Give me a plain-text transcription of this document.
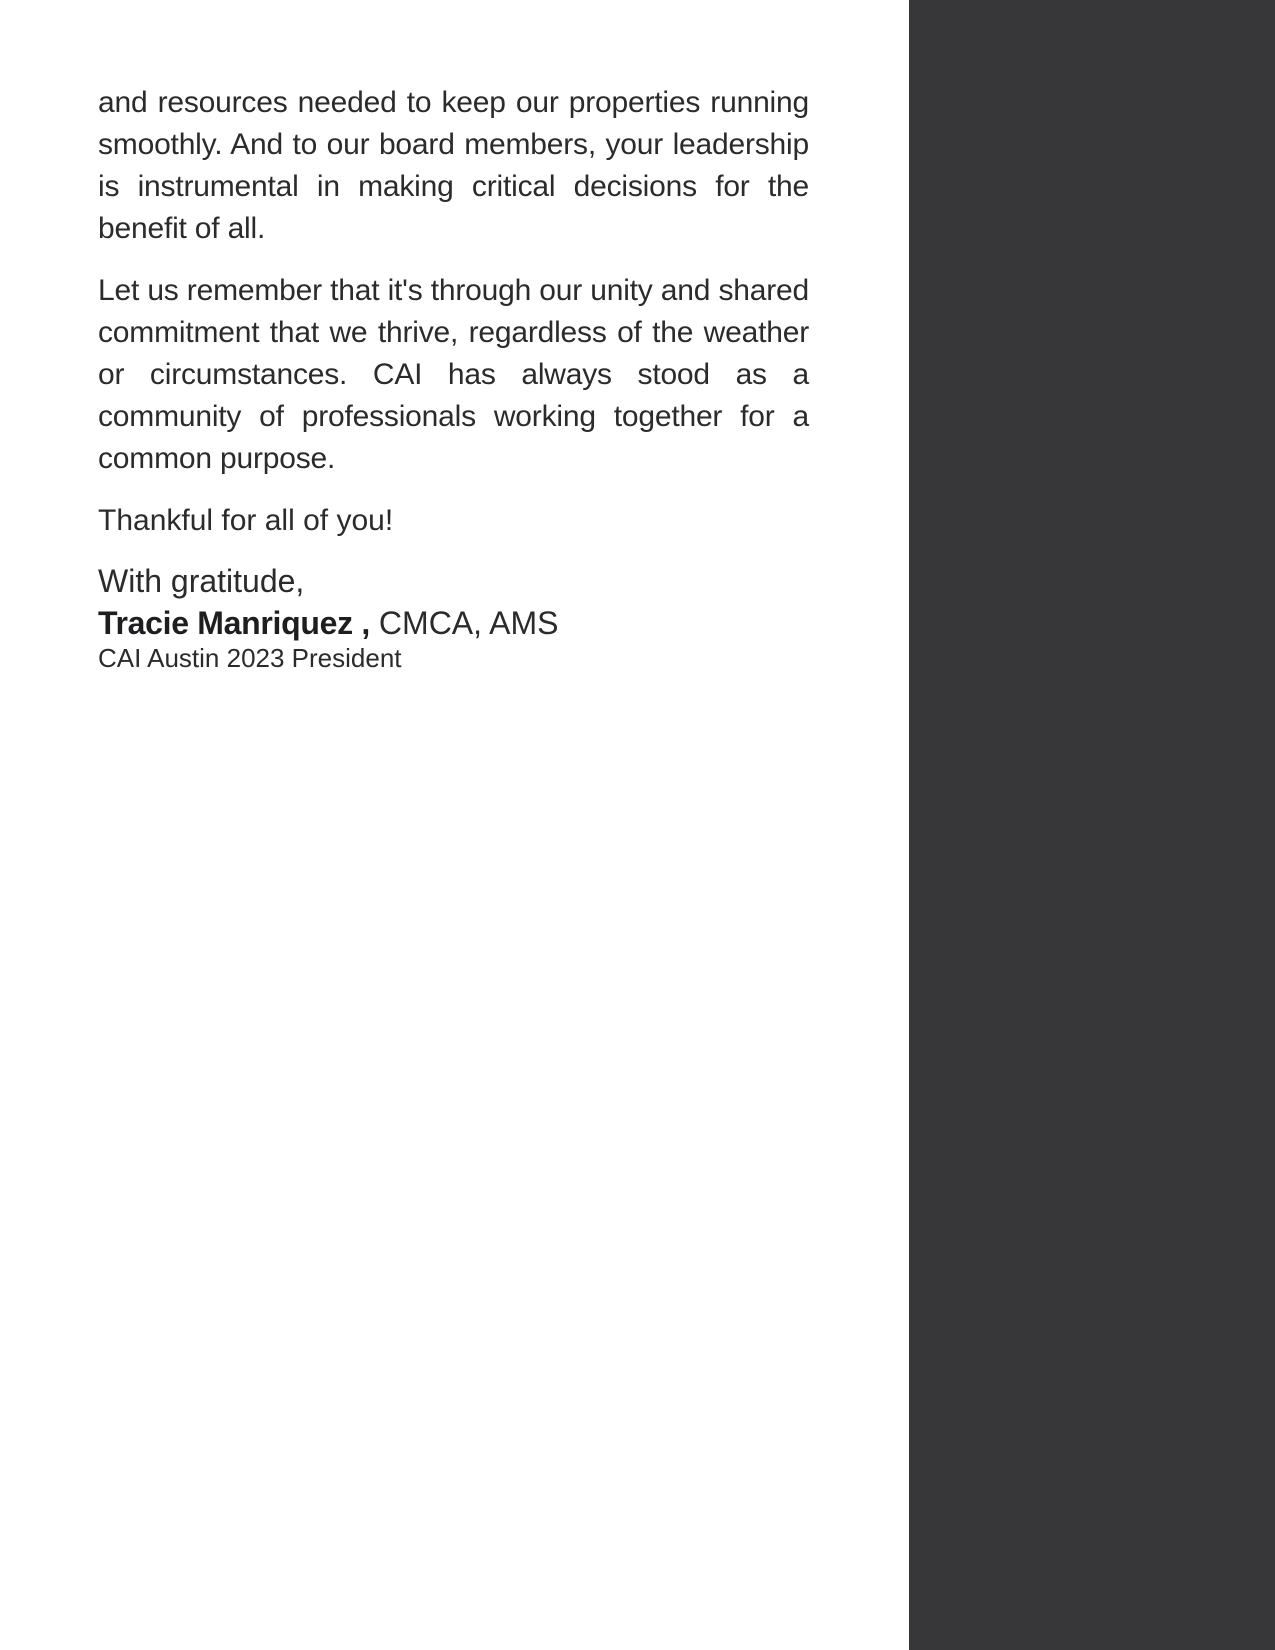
and resources needed to keep our properties running smoothly. And to our board members, your leadership is instrumental in making critical decisions for the benefit of all.

Let us remember that it's through our unity and shared commitment that we thrive, regardless of the weather or circumstances. CAI has always stood as a community of professionals working together for a common purpose.

Thankful for all of you!

With gratitude,

Tracie Manriquez , CMCA, AMS

CAI Austin 2023 President
